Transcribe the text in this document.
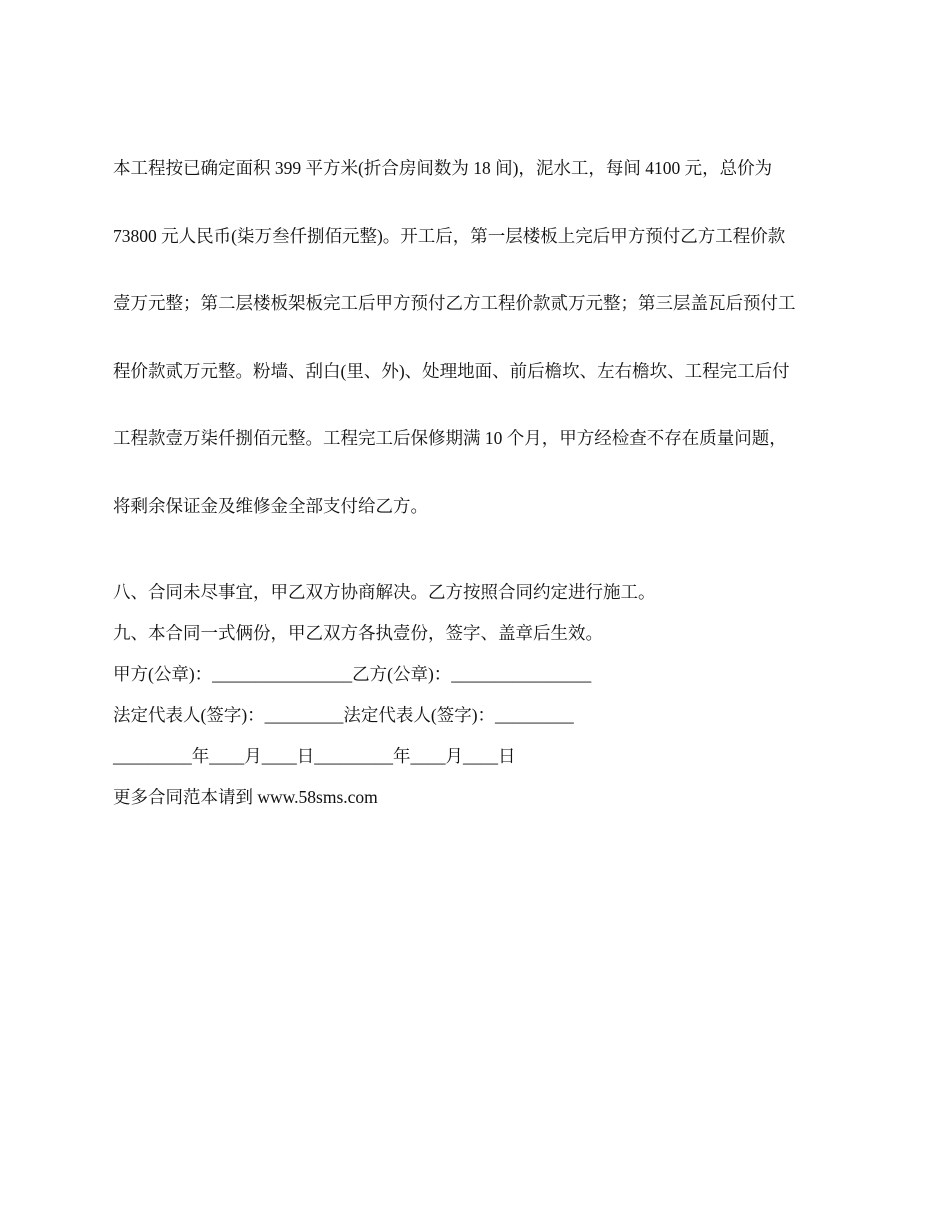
本工程按已确定面积 399 平方米(折合房间数为 18 间)，泥水工，每间 4100 元，总价为

73800 元人民币(柒万叁仟捌佰元整)。开工后，第一层楼板上完后甲方预付乙方工程价款

壹万元整；第二层楼板架板完工后甲方预付乙方工程价款贰万元整；第三层盖瓦后预付工

程价款贰万元整。粉墙、刮白(里、外)、处理地面、前后檐坎、左右檐坎、工程完工后付

工程款壹万柒仟捌佰元整。工程完工后保修期满 10 个月，甲方经检查不存在质量问题，

将剩余保证金及维修金全部支付给乙方。

八、合同未尽事宜，甲乙双方协商解决。乙方按照合同约定进行施工。

九、本合同一式俩份，甲乙双方各执壹份，签字、盖章后生效。

甲方(公章)：________________乙方(公章)：________________

法定代表人(签字)：_________法定代表人(签字)：_________

_________年____月____日_________年____月____日

更多合同范本请到 www.58sms.com
